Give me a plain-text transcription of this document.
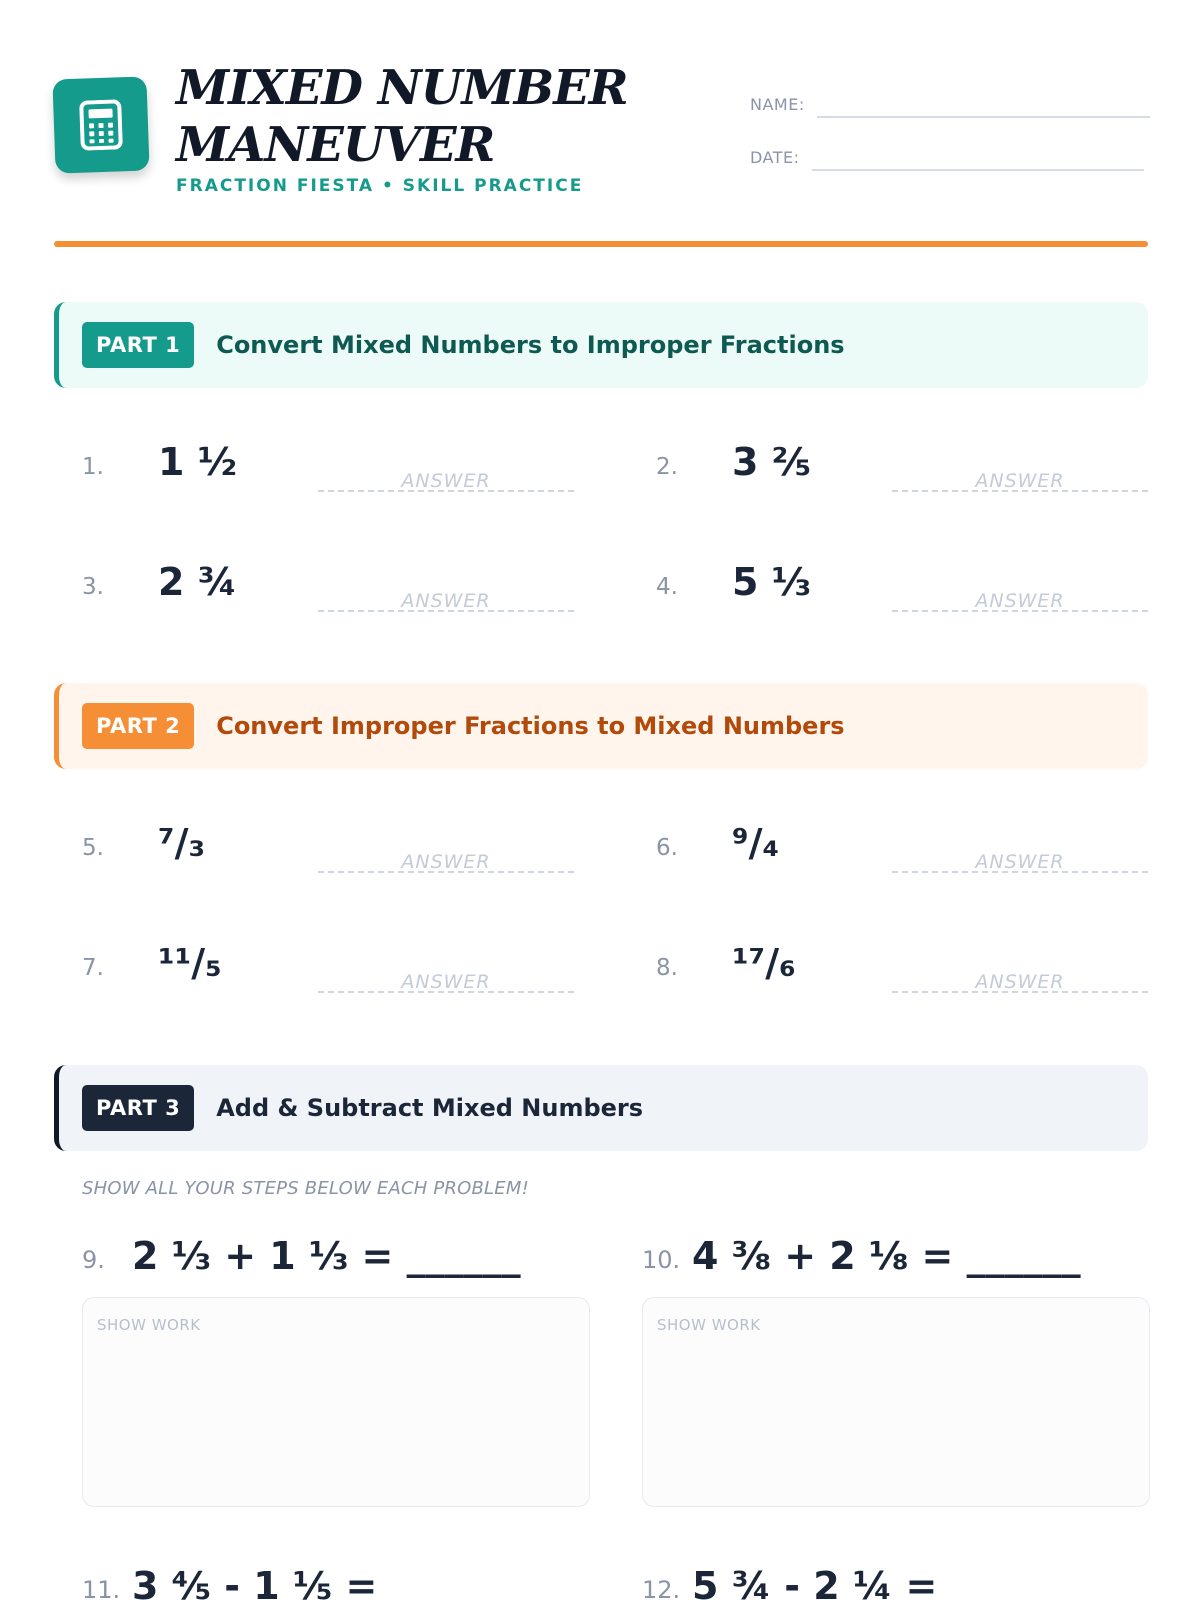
MIXED NUMBER
MANEUVER
FRACTION FIESTA • SKILL PRACTICE
NAME:
DATE:
PART 1	Convert Mixed Numbers to Improper Fractions
1. 1 ½	ANSWER
2. 3 ⅖	ANSWER
3. 2 ¾	ANSWER
4. 5 ⅓	ANSWER
PART 2	Convert Improper Fractions to Mixed Numbers
5. ⁷/₃	ANSWER
6. ⁹/₄	ANSWER
7. ¹¹/₅	ANSWER
8. ¹⁷/₆	ANSWER
PART 3	Add & Subtract Mixed Numbers
SHOW ALL YOUR STEPS BELOW EACH PROBLEM!
9. 2 ⅓ + 1 ⅓ = ______
SHOW WORK
10. 4 ⅜ + 2 ⅛ = ______
SHOW WORK
11. 3 ⅘ - 1 ⅕ =	12. 5 ¾ - 2 ¼ =
